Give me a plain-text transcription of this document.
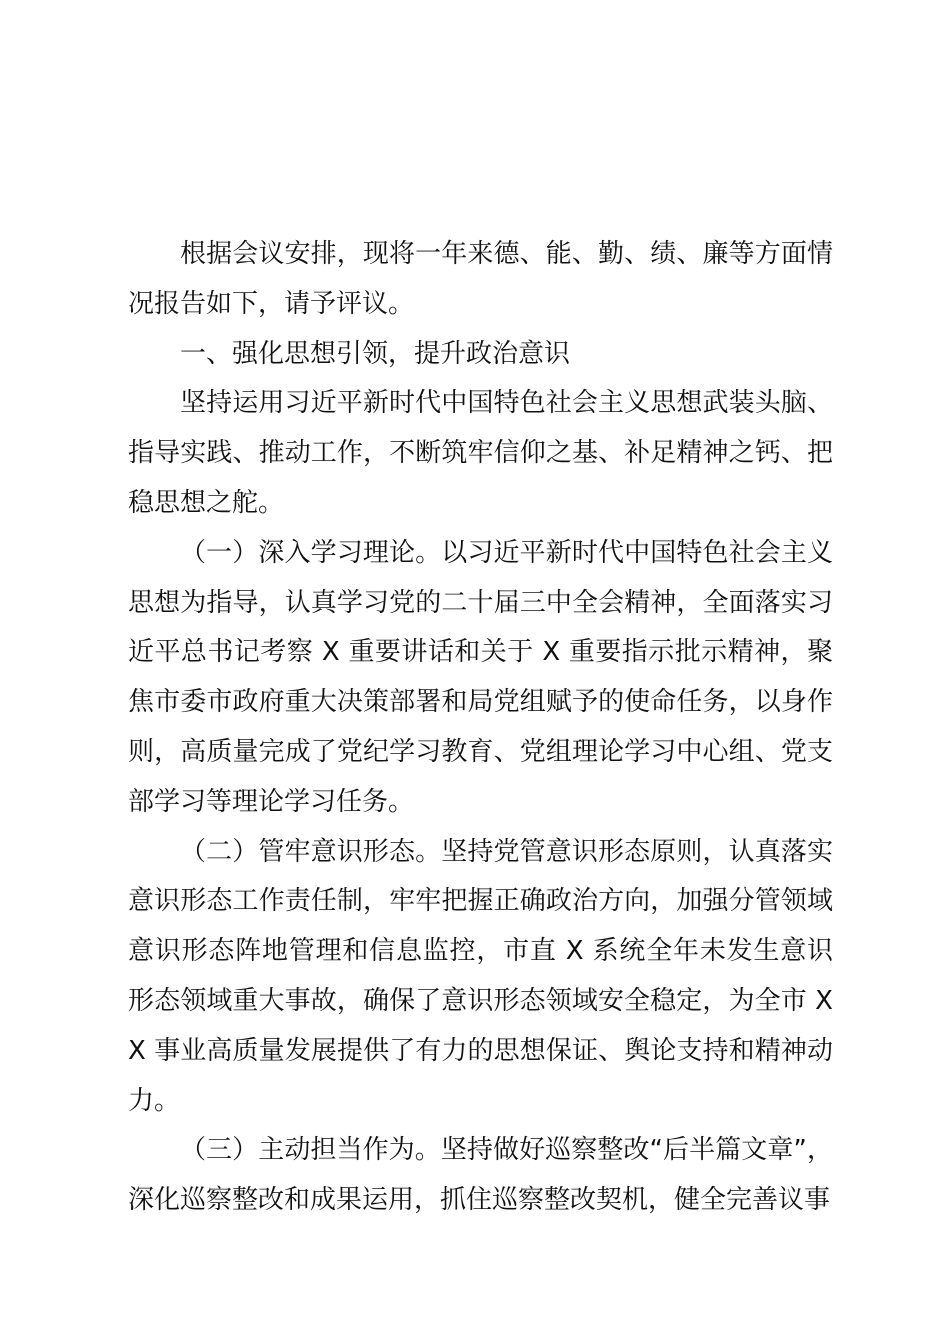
根据会议安排，现将一年来德、能、勤、绩、廉等方面情况报告如下，请予评议。

一、强化思想引领，提升政治意识

坚持运用习近平新时代中国特色社会主义思想武装头脑、指导实践、推动工作，不断筑牢信仰之基、补足精神之钙、把稳思想之舵。

（一）深入学习理论。以习近平新时代中国特色社会主义思想为指导，认真学习党的二十届三中全会精神，全面落实习近平总书记考察 X 重要讲话和关于 X 重要指示批示精神，聚焦市委市政府重大决策部署和局党组赋予的使命任务，以身作则，高质量完成了党纪学习教育、党组理论学习中心组、党支部学习等理论学习任务。

（二）管牢意识形态。坚持党管意识形态原则，认真落实意识形态工作责任制，牢牢把握正确政治方向，加强分管领域意识形态阵地管理和信息监控，市直 X 系统全年未发生意识形态领域重大事故，确保了意识形态领域安全稳定，为全市 XX 事业高质量发展提供了有力的思想保证、舆论支持和精神动力。

（三）主动担当作为。坚持做好巡察整改“后半篇文章”，深化巡察整改和成果运用，抓住巡察整改契机，健全完善议事
